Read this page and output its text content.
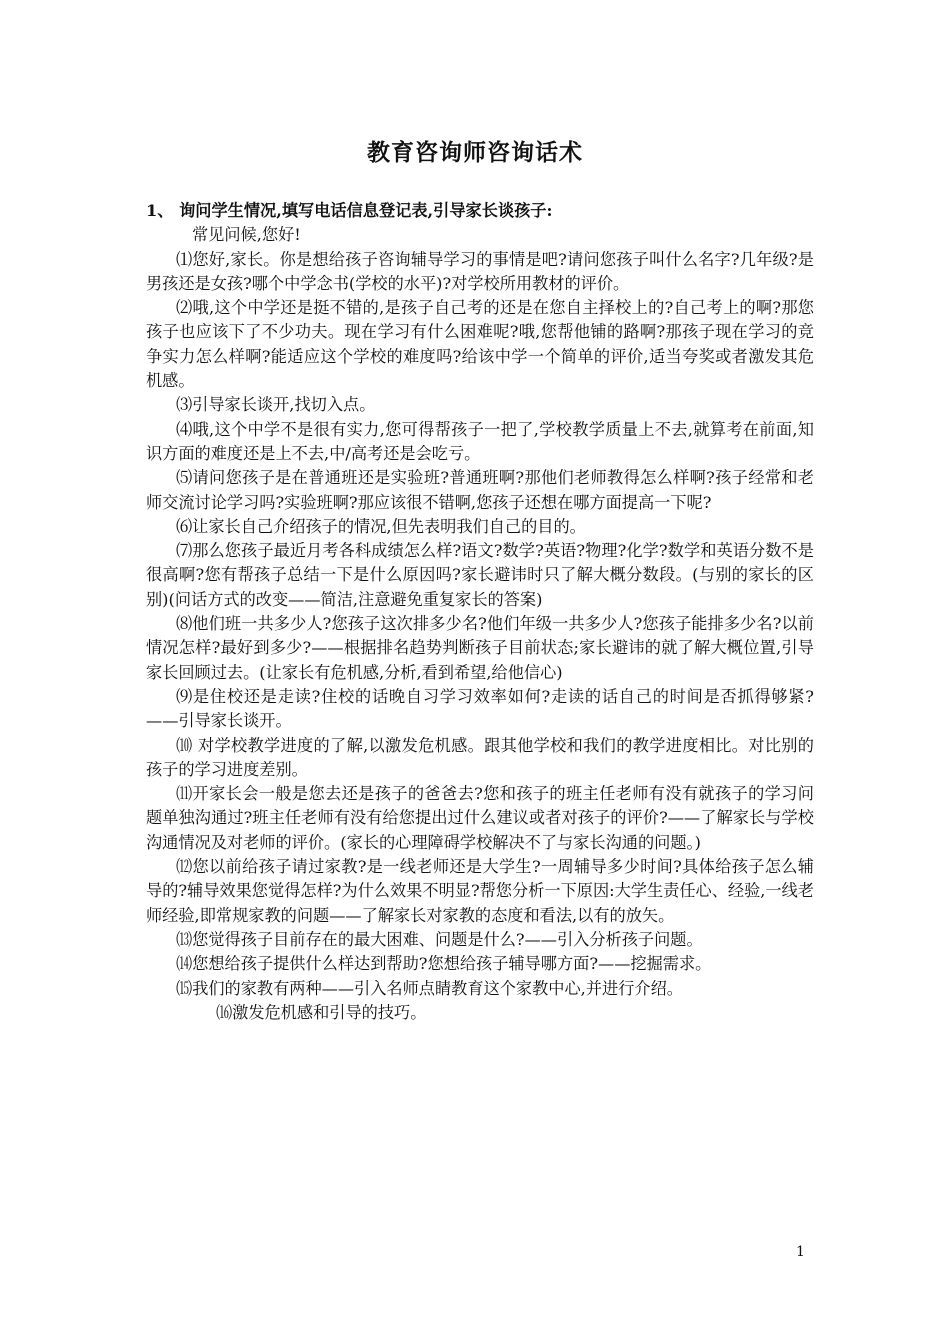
教育咨询师咨询话术
1、 询问学生情况,填写电话信息登记表,引导家长谈孩子:

常见问候,您好!

⑴您好,家长。你是想给孩子咨询辅导学习的事情是吧?请问您孩子叫什么名字?几年级?是男孩还是女孩?哪个中学念书(学校的水平)?对学校所用教材的评价。

⑵哦,这个中学还是挺不错的,是孩子自己考的还是在您自主择校上的?自己考上的啊?那您孩子也应该下了不少功夫。现在学习有什么困难呢?哦,您帮他铺的路啊?那孩子现在学习的竞争实力怎么样啊?能适应这个学校的难度吗?给该中学一个简单的评价,适当夸奖或者激发其危机感。

⑶引导家长谈开,找切入点。

⑷哦,这个中学不是很有实力,您可得帮孩子一把了,学校教学质量上不去,就算考在前面,知识方面的难度还是上不去,中/高考还是会吃亏。

⑸请问您孩子是在普通班还是实验班?普通班啊?那他们老师教得怎么样啊?孩子经常和老师交流讨论学习吗?实验班啊?那应该很不错啊,您孩子还想在哪方面提高一下呢?

⑹让家长自己介绍孩子的情况,但先表明我们自己的目的。

⑺那么您孩子最近月考各科成绩怎么样?语文?数学?英语?物理?化学?数学和英语分数不是很高啊?您有帮孩子总结一下是什么原因吗?家长避讳时只了解大概分数段。(与别的家长的区别)(问话方式的改变——简洁,注意避免重复家长的答案)

⑻他们班一共多少人?您孩子这次排多少名?他们年级一共多少人?您孩子能排多少名?以前情况怎样?最好到多少?——根据排名趋势判断孩子目前状态;家长避讳的就了解大概位置,引导家长回顾过去。(让家长有危机感,分析,看到希望,给他信心)

⑼是住校还是走读?住校的话晚自习学习效率如何?走读的话自己的时间是否抓得够紧?——引导家长谈开。

⑽ 对学校教学进度的了解,以激发危机感。跟其他学校和我们的教学进度相比。对比别的孩子的学习进度差别。

⑾开家长会一般是您去还是孩子的爸爸去?您和孩子的班主任老师有没有就孩子的学习问题单独沟通过?班主任老师有没有给您提出过什么建议或者对孩子的评价?——了解家长与学校沟通情况及对老师的评价。(家长的心理障碍学校解决不了与家长沟通的问题。)

⑿您以前给孩子请过家教?是一线老师还是大学生?一周辅导多少时间?具体给孩子怎么辅导的?辅导效果您觉得怎样?为什么效果不明显?帮您分析一下原因:大学生责任心、经验,一线老师经验,即常规家教的问题——了解家长对家教的态度和看法,以有的放矢。

⒀您觉得孩子目前存在的最大困难、问题是什么?——引入分析孩子问题。

⒁您想给孩子提供什么样达到帮助?您想给孩子辅导哪方面?——挖掘需求。

⒂我们的家教有两种——引入名师点睛教育这个家教中心,并进行介绍。

⒃激发危机感和引导的技巧。

1
